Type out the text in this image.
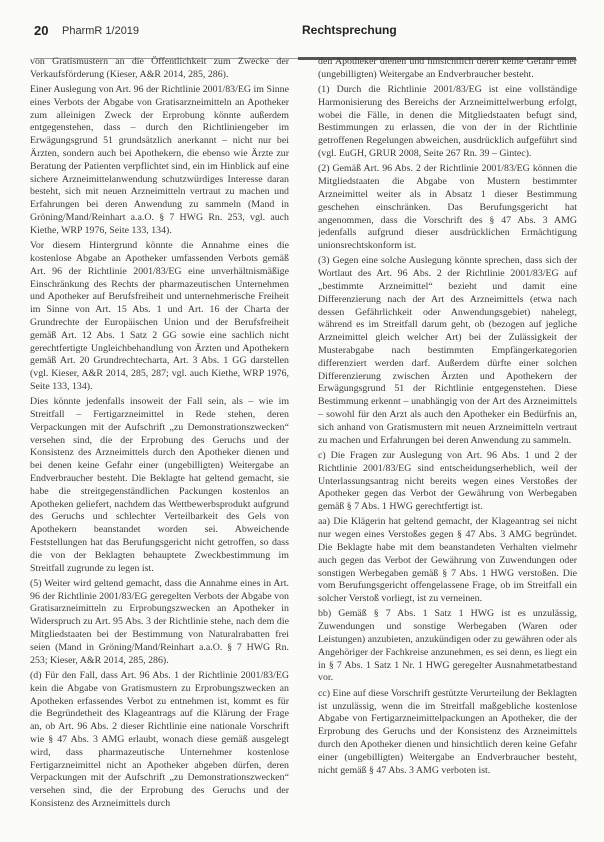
20 PharmR 1/2019	Rechtsprechung

von Gratismustern an die Öffentlichkeit zum Zwecke der Verkaufsförderung (Kieser, A&R 2014, 285, 286).

Einer Auslegung von Art. 96 der Richtlinie 2001/83/EG im Sinne eines Verbots der Abgabe von Gratisarzneimitteln an Apotheker zum alleinigen Zweck der Erprobung könnte außerdem entgegenstehen, dass – durch den Richtliniengeber im Erwägungsgrund 51 grundsätzlich anerkannt – nicht nur bei Ärzten, sondern auch bei Apothekern, die ebenso wie Ärzte zur Beratung der Patienten verpflichtet sind, ein im Hinblick auf eine sichere Arzneimittelanwendung schutzwürdiges Interesse daran besteht, sich mit neuen Arzneimitteln vertraut zu machen und Erfahrungen bei deren Anwendung zu sammeln (Mand in Gröning/Mand/Reinhart a.a.O. § 7 HWG Rn. 253, vgl. auch Kiethe, WRP 1976, Seite 133, 134).

Vor diesem Hintergrund könnte die Annahme eines die kostenlose Abgabe an Apotheker umfassenden Verbots gemäß Art. 96 der Richtlinie 2001/83/EG eine unverhältnismäßige Einschränkung des Rechts der pharmazeutischen Unternehmen und Apotheker auf Berufsfreiheit und unternehmerische Freiheit im Sinne von Art. 15 Abs. 1 und Art. 16 der Charta der Grundrechte der Europäischen Union und der Berufsfreiheit gemäß Art. 12 Abs. 1 Satz 2 GG sowie eine sachlich nicht gerechtfertigte Ungleichbehandlung von Ärzten und Apothekern gemäß Art. 20 Grundrechtecharta, Art. 3 Abs. 1 GG darstellen (vgl. Kieser, A&R 2014, 285, 287; vgl. auch Kiethe, WRP 1976, Seite 133, 134).

Dies könnte jedenfalls insoweit der Fall sein, als – wie im Streitfall – Fertigarzneimittel in Rede stehen, deren Verpackungen mit der Aufschrift „zu Demonstrationszwecken“ versehen sind, die der Erprobung des Geruchs und der Konsistenz des Arzneimittels durch den Apotheker dienen und bei denen keine Gefahr einer (ungebilligten) Weitergabe an Endverbraucher besteht. Die Beklagte hat geltend gemacht, sie habe die streitgegenständlichen Packungen kostenlos an Apotheken geliefert, nachdem das Wettbewerbsprodukt aufgrund des Geruchs und schlechter Verteilbarkeit des Gels von Apothekern beanstandet worden sei. Abweichende Feststellungen hat das Berufungsgericht nicht getroffen, so dass die von der Beklagten behauptete Zweckbestimmung im Streitfall zugrunde zu legen ist.

(5) Weiter wird geltend gemacht, dass die Annahme eines in Art. 96 der Richtlinie 2001/83/EG geregelten Verbots der Abgabe von Gratisarzneimitteln zu Erprobungszwecken an Apotheker in Widerspruch zu Art. 95 Abs. 3 der Richtlinie stehe, nach dem die Mitgliedstaaten bei der Bestimmung von Naturalrabatten frei seien (Mand in Gröning/Mand/Reinhart a.a.O. § 7 HWG Rn. 253; Kieser, A&R 2014, 285, 286).

(d) Für den Fall, dass Art. 96 Abs. 1 der Richtlinie 2001/83/EG kein die Abgabe von Gratismustern zu Erprobungszwecken an Apotheken erfassendes Verbot zu entnehmen ist, kommt es für die Begründetheit des Klageantrags auf die Klärung der Frage an, ob Art. 96 Abs. 2 dieser Richtlinie eine nationale Vorschrift wie § 47 Abs. 3 AMG erlaubt, wonach diese gemäß ausgelegt wird, dass pharmazeutische Unternehmer kostenlose Fertigarzneimittel nicht an Apotheker abgeben dürfen, deren Verpackungen mit der Aufschrift „zu Demonstrationszwecken“ versehen sind, die der Erprobung des Geruchs und der Konsistenz des Arzneimittels durch

den Apotheker dienen und hinsichtlich deren keine Gefahr einer (ungebilligten) Weitergabe an Endverbraucher besteht.

(1) Durch die Richtlinie 2001/83/EG ist eine vollständige Harmonisierung des Bereichs der Arzneimittelwerbung erfolgt, wobei die Fälle, in denen die Mitgliedstaaten befugt sind, Bestimmungen zu erlassen, die von der in der Richtlinie getroffenen Regelungen abweichen, ausdrücklich aufgeführt sind (vgl. EuGH, GRUR 2008, Seite 267 Rn. 39 – Gintec).

(2) Gemäß Art. 96 Abs. 2 der Richtlinie 2001/83/EG können die Mitgliedstaaten die Abgabe von Mustern bestimmter Arzneimittel weiter als in Absatz 1 dieser Bestimmung geschehen einschränken. Das Berufungsgericht hat angenommen, dass die Vorschrift des § 47 Abs. 3 AMG jedenfalls aufgrund dieser ausdrücklichen Ermächtigung unionsrechtskonform ist.

(3) Gegen eine solche Auslegung könnte sprechen, dass sich der Wortlaut des Art. 96 Abs. 2 der Richtlinie 2001/83/EG auf „bestimmte Arzneimittel“ bezieht und damit eine Differenzierung nach der Art des Arzneimittels (etwa nach dessen Gefährlichkeit oder Anwendungsgebiet) nahelegt, während es im Streitfall darum geht, ob (bezogen auf jegliche Arzneimittel gleich welcher Art) bei der Zulässigkeit der Musterabgabe nach bestimmten Empfängerkategorien differenziert werden darf. Außerdem dürfte einer solchen Differenzierung zwischen Ärzten und Apothekern der Erwägungsgrund 51 der Richtlinie entgegenstehen. Diese Bestimmung erkennt – unabhängig von der Art des Arzneimittels – sowohl für den Arzt als auch den Apotheker ein Bedürfnis an, sich anhand von Gratismustern mit neuen Arzneimitteln vertraut zu machen und Erfahrungen bei deren Anwendung zu sammeln.

c) Die Fragen zur Auslegung von Art. 96 Abs. 1 und 2 der Richtlinie 2001/83/EG sind entscheidungserheblich, weil der Unterlassungsantrag nicht bereits wegen eines Verstoßes der Apotheker gegen das Verbot der Gewährung von Werbegaben gemäß § 7 Abs. 1 HWG gerechtfertigt ist.

aa) Die Klägerin hat geltend gemacht, der Klageantrag sei nicht nur wegen eines Verstoßes gegen § 47 Abs. 3 AMG begründet. Die Beklagte habe mit dem beanstandeten Verhalten vielmehr auch gegen das Verbot der Gewährung von Zuwendungen oder sonstigen Werbegaben gemäß § 7 Abs. 1 HWG verstoßen. Die vom Berufungsgericht offengelassene Frage, ob im Streitfall ein solcher Verstoß vorliegt, ist zu verneinen.

bb) Gemäß § 7 Abs. 1 Satz 1 HWG ist es unzulässig, Zuwendungen und sonstige Werbegaben (Waren oder Leistungen) anzubieten, anzukündigen oder zu gewähren oder als Angehöriger der Fachkreise anzunehmen, es sei denn, es liegt ein in § 7 Abs. 1 Satz 1 Nr. 1 HWG geregelter Ausnahmetatbestand vor.

cc) Eine auf diese Vorschrift gestützte Verurteilung der Beklagten ist unzulässig, wenn die im Streitfall maßgebliche kostenlose Abgabe von Fertigarzneimittelpackungen an Apotheker, die der Erprobung des Geruchs und der Konsistenz des Arzneimittels durch den Apotheker dienen und hinsichtlich deren keine Gefahr einer (ungebilligten) Weitergabe an Endverbraucher besteht, nicht gemäß § 47 Abs. 3 AMG verboten ist.
